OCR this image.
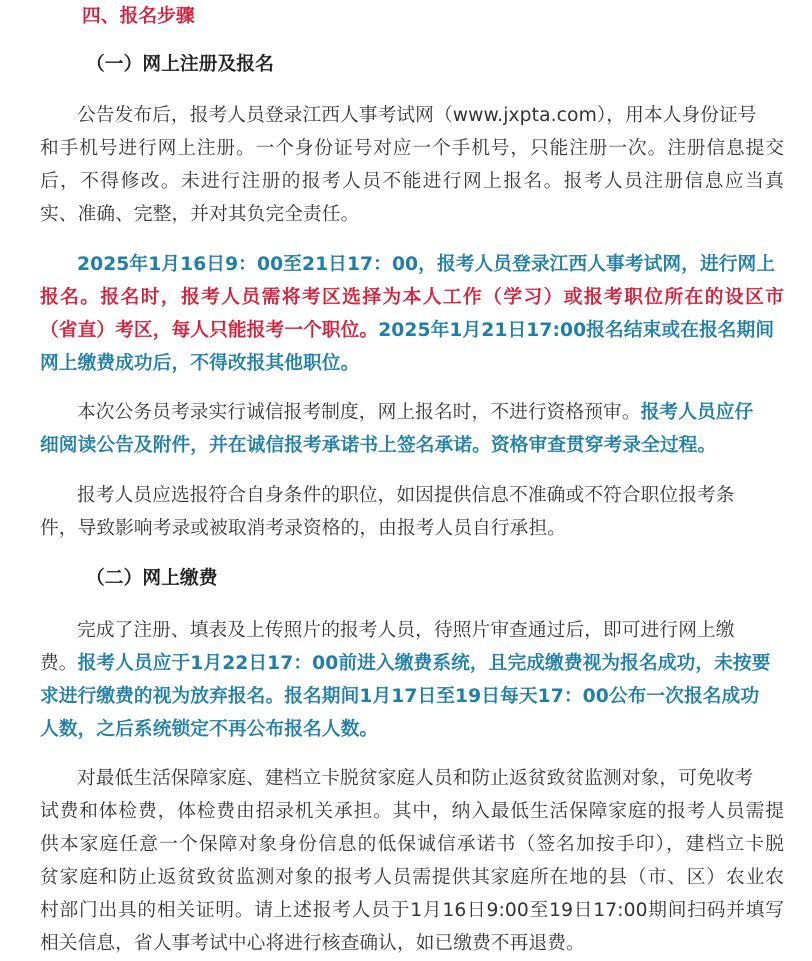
四、报名步骤
（一）网上注册及报名
公告发布后，报考人员登录江西人事考试网（www.jxpta.com），用本人身份证号
和手机号进行网上注册。一个身份证号对应一个手机号，只能注册一次。注册信息提交
后，不得修改。未进行注册的报考人员不能进行网上报名。报考人员注册信息应当真
实、准确、完整，并对其负完全责任。
2025年1月16日9：00至21日17：00，报考人员登录江西人事考试网，进行网上
报名。报名时，报考人员需将考区选择为本人工作（学习）或报考职位所在的设区市
（省直）考区，每人只能报考一个职位。2025年1月21日17:00报名结束或在报名期间
网上缴费成功后，不得改报其他职位。
本次公务员考录实行诚信报考制度，网上报名时，不进行资格预审。报考人员应仔
细阅读公告及附件，并在诚信报考承诺书上签名承诺。资格审查贯穿考录全过程。
报考人员应选报符合自身条件的职位，如因提供信息不准确或不符合职位报考条
件，导致影响考录或被取消考录资格的，由报考人员自行承担。
（二）网上缴费
完成了注册、填表及上传照片的报考人员，待照片审查通过后，即可进行网上缴
费。报考人员应于1月22日17：00前进入缴费系统，且完成缴费视为报名成功，未按要
求进行缴费的视为放弃报名。报名期间1月17日至19日每天17：00公布一次报名成功
人数，之后系统锁定不再公布报名人数。
对最低生活保障家庭、建档立卡脱贫家庭人员和防止返贫致贫监测对象，可免收考
试费和体检费，体检费由招录机关承担。其中，纳入最低生活保障家庭的报考人员需提
供本家庭任意一个保障对象身份信息的低保诚信承诺书（签名加按手印），建档立卡脱
贫家庭和防止返贫致贫监测对象的报考人员需提供其家庭所在地的县（市、区）农业农
村部门出具的相关证明。请上述报考人员于1月16日9:00至19日17:00期间扫码并填写
相关信息，省人事考试中心将进行核查确认，如已缴费不再退费。
